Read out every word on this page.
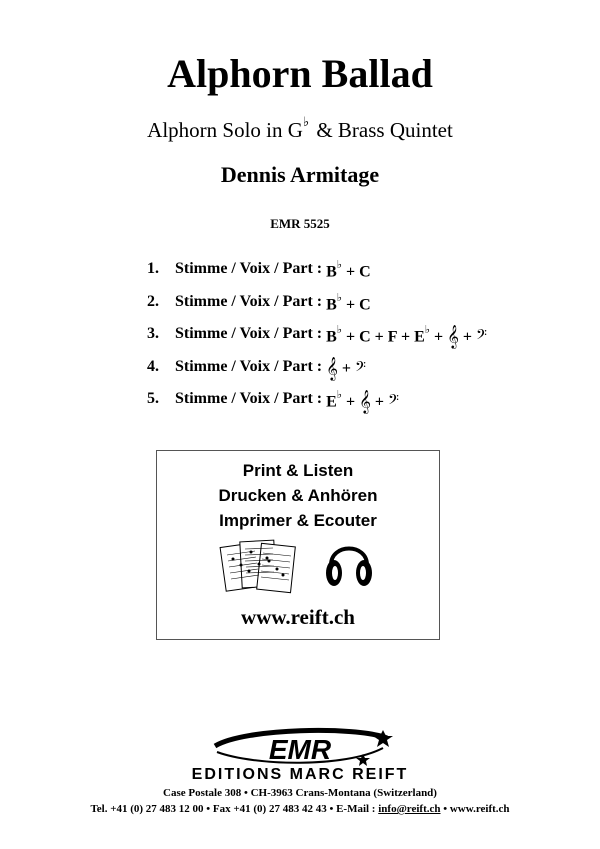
Alphorn Ballad
Alphorn Solo in G♭ & Brass Quintet
Dennis Armitage
EMR 5525
1.	Stimme / Voix / Part : B♭ + C
2.	Stimme / Voix / Part : B♭ + C
3.	Stimme / Voix / Part : B♭ + C + F + E♭ + 𝄞 + 𝄢
4.	Stimme / Voix / Part : 𝄞 + 𝄢
5.	Stimme / Voix / Part : E♭ + 𝄞 + 𝄢
Print & Listen
Drucken & Anhören
Imprimer & Ecouter
www.reift.ch
EMR
EDITIONS MARC REIFT
Case Postale 308 • CH-3963 Crans-Montana (Switzerland)
Tel. +41 (0) 27 483 12 00 • Fax +41 (0) 27 483 42 43 • E-Mail : info@reift.ch • www.reift.ch
